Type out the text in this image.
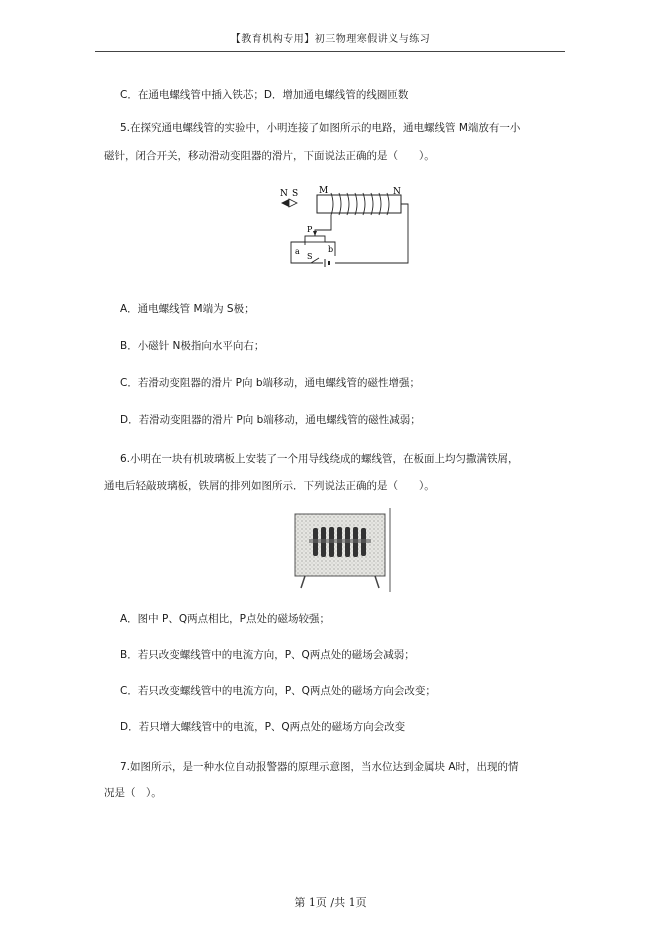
【教育机构专用】初三物理寒假讲义与练习
C．在通电螺线管中插入铁芯；D．增加通电螺线管的线圈匝数
5.在探究通电螺线管的实验中，小明连接了如图所示的电路，通电螺线管 M端放有一小
磁针，闭合开关，移动滑动变阻器的滑片，下面说法正确的是（　　）。
N S M	N
P
a	b
S
A．通电螺线管 M端为 S极；
B．小磁针 N极指向水平向右；
C．若滑动变阻器的滑片 P向 b端移动，通电螺线管的磁性增强；
D．若滑动变阻器的滑片 P向 b端移动，通电螺线管的磁性减弱；
6.小明在一块有机玻璃板上安装了一个用导线绕成的螺线管，在板面上均匀撒满铁屑，
通电后轻敲玻璃板，铁屑的排列如图所示．下列说法正确的是（　　）。
A．图中 P、Q两点相比，P点处的磁场较强；
B．若只改变螺线管中的电流方向，P、Q两点处的磁场会减弱；
C．若只改变螺线管中的电流方向，P、Q两点处的磁场方向会改变；
D．若只增大螺线管中的电流，P、Q两点处的磁场方向会改变
7.如图所示，是一种水位自动报警器的原理示意图，当水位达到金属块 A时，出现的情
况是（　）。
第 1页 /共 1页
